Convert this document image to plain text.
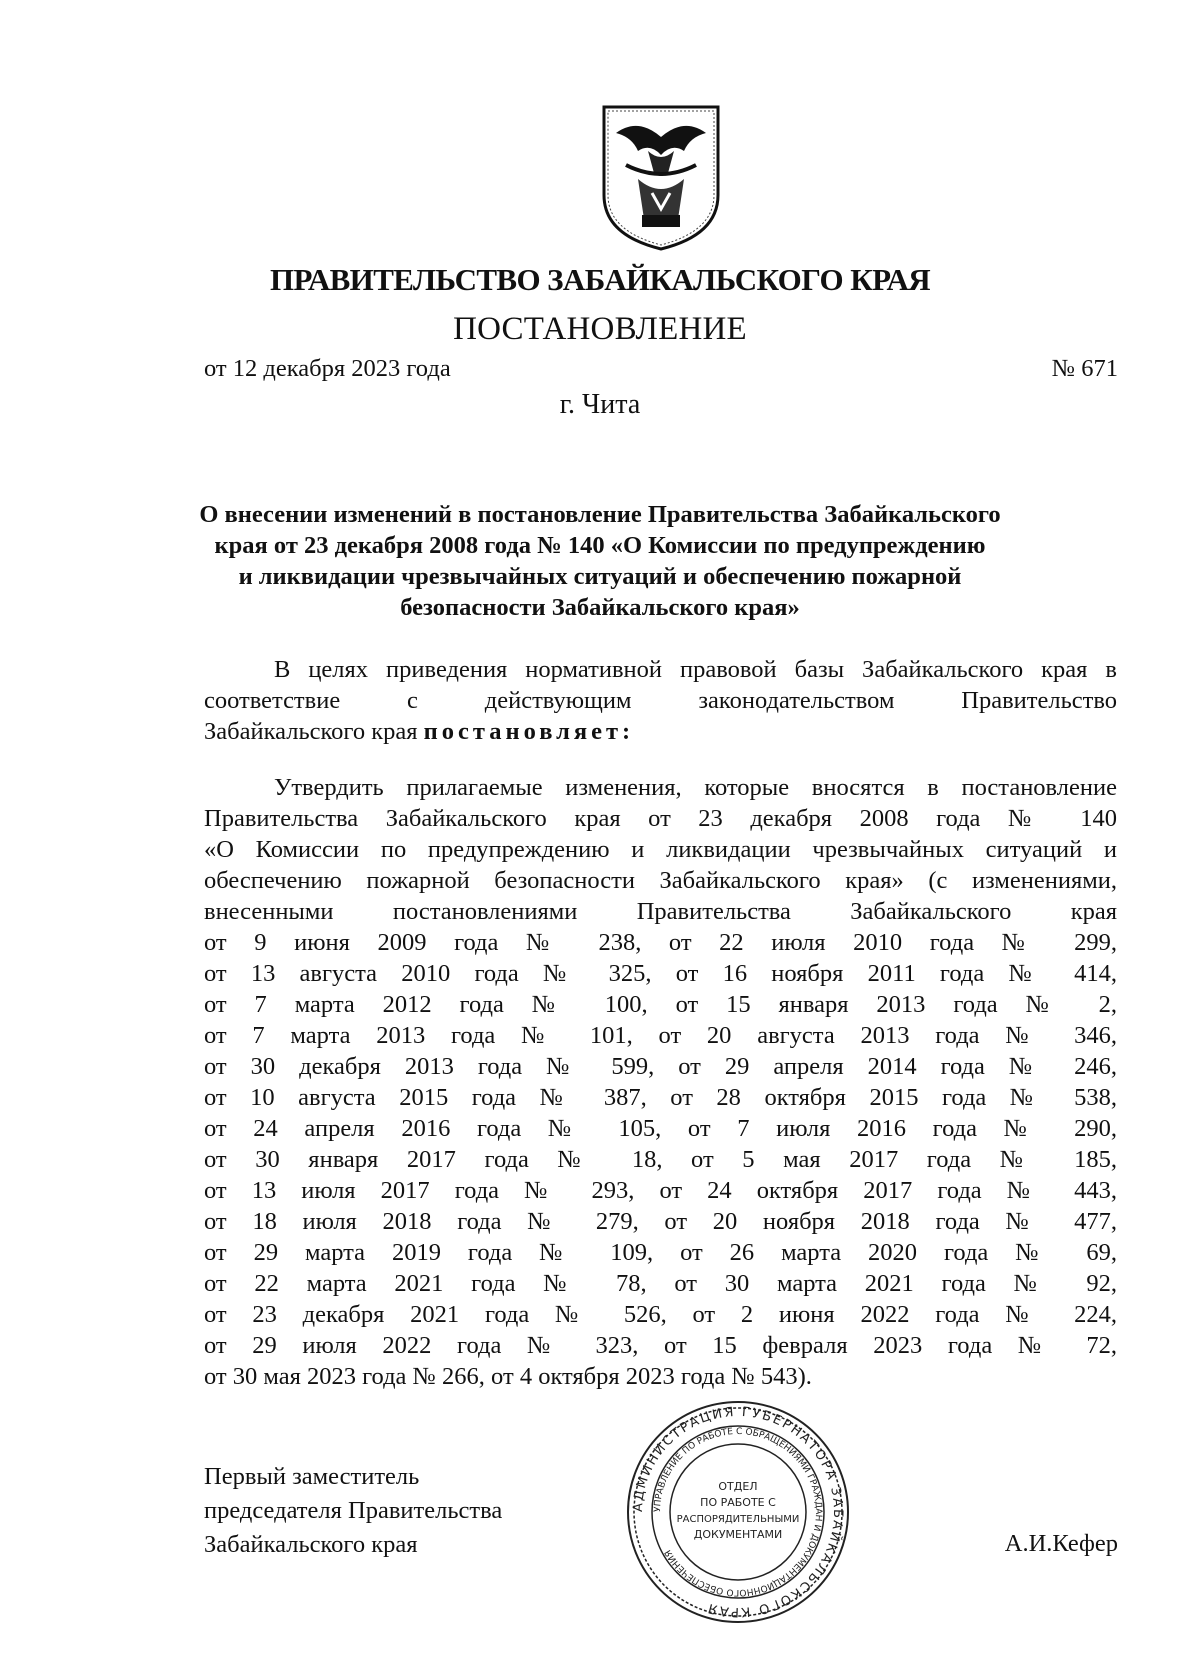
ПРАВИТЕЛЬСТВО ЗАБАЙКАЛЬСКОГО КРАЯ
ПОСТАНОВЛЕНИЕ
от 12 декабря 2023 года	№ 671
г. Чита
О внесении изменений в постановление Правительства Забайкальского
края от 23 декабря 2008 года № 140 «О Комиссии по предупреждению
и ликвидации чрезвычайных ситуаций и обеспечению пожарной
безопасности Забайкальского края»
В целях приведения нормативной правовой базы Забайкальского края в
соответствие с действующим законодательством Правительство
Забайкальского края постановляет:
Утвердить прилагаемые изменения, которые вносятся в постановление
Правительства Забайкальского края от 23 декабря 2008 года № 140
«О Комиссии по предупреждению и ликвидации чрезвычайных ситуаций и
обеспечению пожарной безопасности Забайкальского края» (с изменениями,
внесенными постановлениями Правительства Забайкальского края
от 9 июня 2009 года № 238, от 22 июля 2010 года № 299,
от 13 августа 2010 года № 325, от 16 ноября 2011 года № 414,
от 7 марта 2012 года № 100, от 15 января 2013 года № 2,
от 7 марта 2013 года № 101, от 20 августа 2013 года № 346,
от 30 декабря 2013 года № 599, от 29 апреля 2014 года № 246,
от 10 августа 2015 года № 387, от 28 октября 2015 года № 538,
от 24 апреля 2016 года № 105, от 7 июля 2016 года № 290,
от 30 января 2017 года № 18, от 5 мая 2017 года № 185,
от 13 июля 2017 года № 293, от 24 октября 2017 года № 443,
от 18 июля 2018 года № 279, от 20 ноября 2018 года № 477,
от 29 марта 2019 года № 109, от 26 марта 2020 года № 69,
от 22 марта 2021 года № 78, от 30 марта 2021 года № 92,
от 23 декабря 2021 года № 526, от 2 июня 2022 года № 224,
от 29 июля 2022 года № 323, от 15 февраля 2023 года № 72,
от 30 мая 2023 года № 266, от 4 октября 2023 года № 543).
Первый заместитель
председателя Правительства
Забайкальского края	А.И.Кефер
АДМИНИСТРАЦИЯ ГУБЕРНАТОРА ЗАБАЙКАЛЬСКОГО КРАЯ
УПРАВЛЕНИЕ ПО РАБОТЕ С ОБРАЩЕНИЯМИ ГРАЖДАН И ДОКУМЕНТАЦИОННОГО ОБЕСПЕЧЕНИЯ
ОТДЕЛ
ПО РАБОТЕ С
РАСПОРЯДИТЕЛЬНЫМИ
ДОКУМЕНТАМИ
